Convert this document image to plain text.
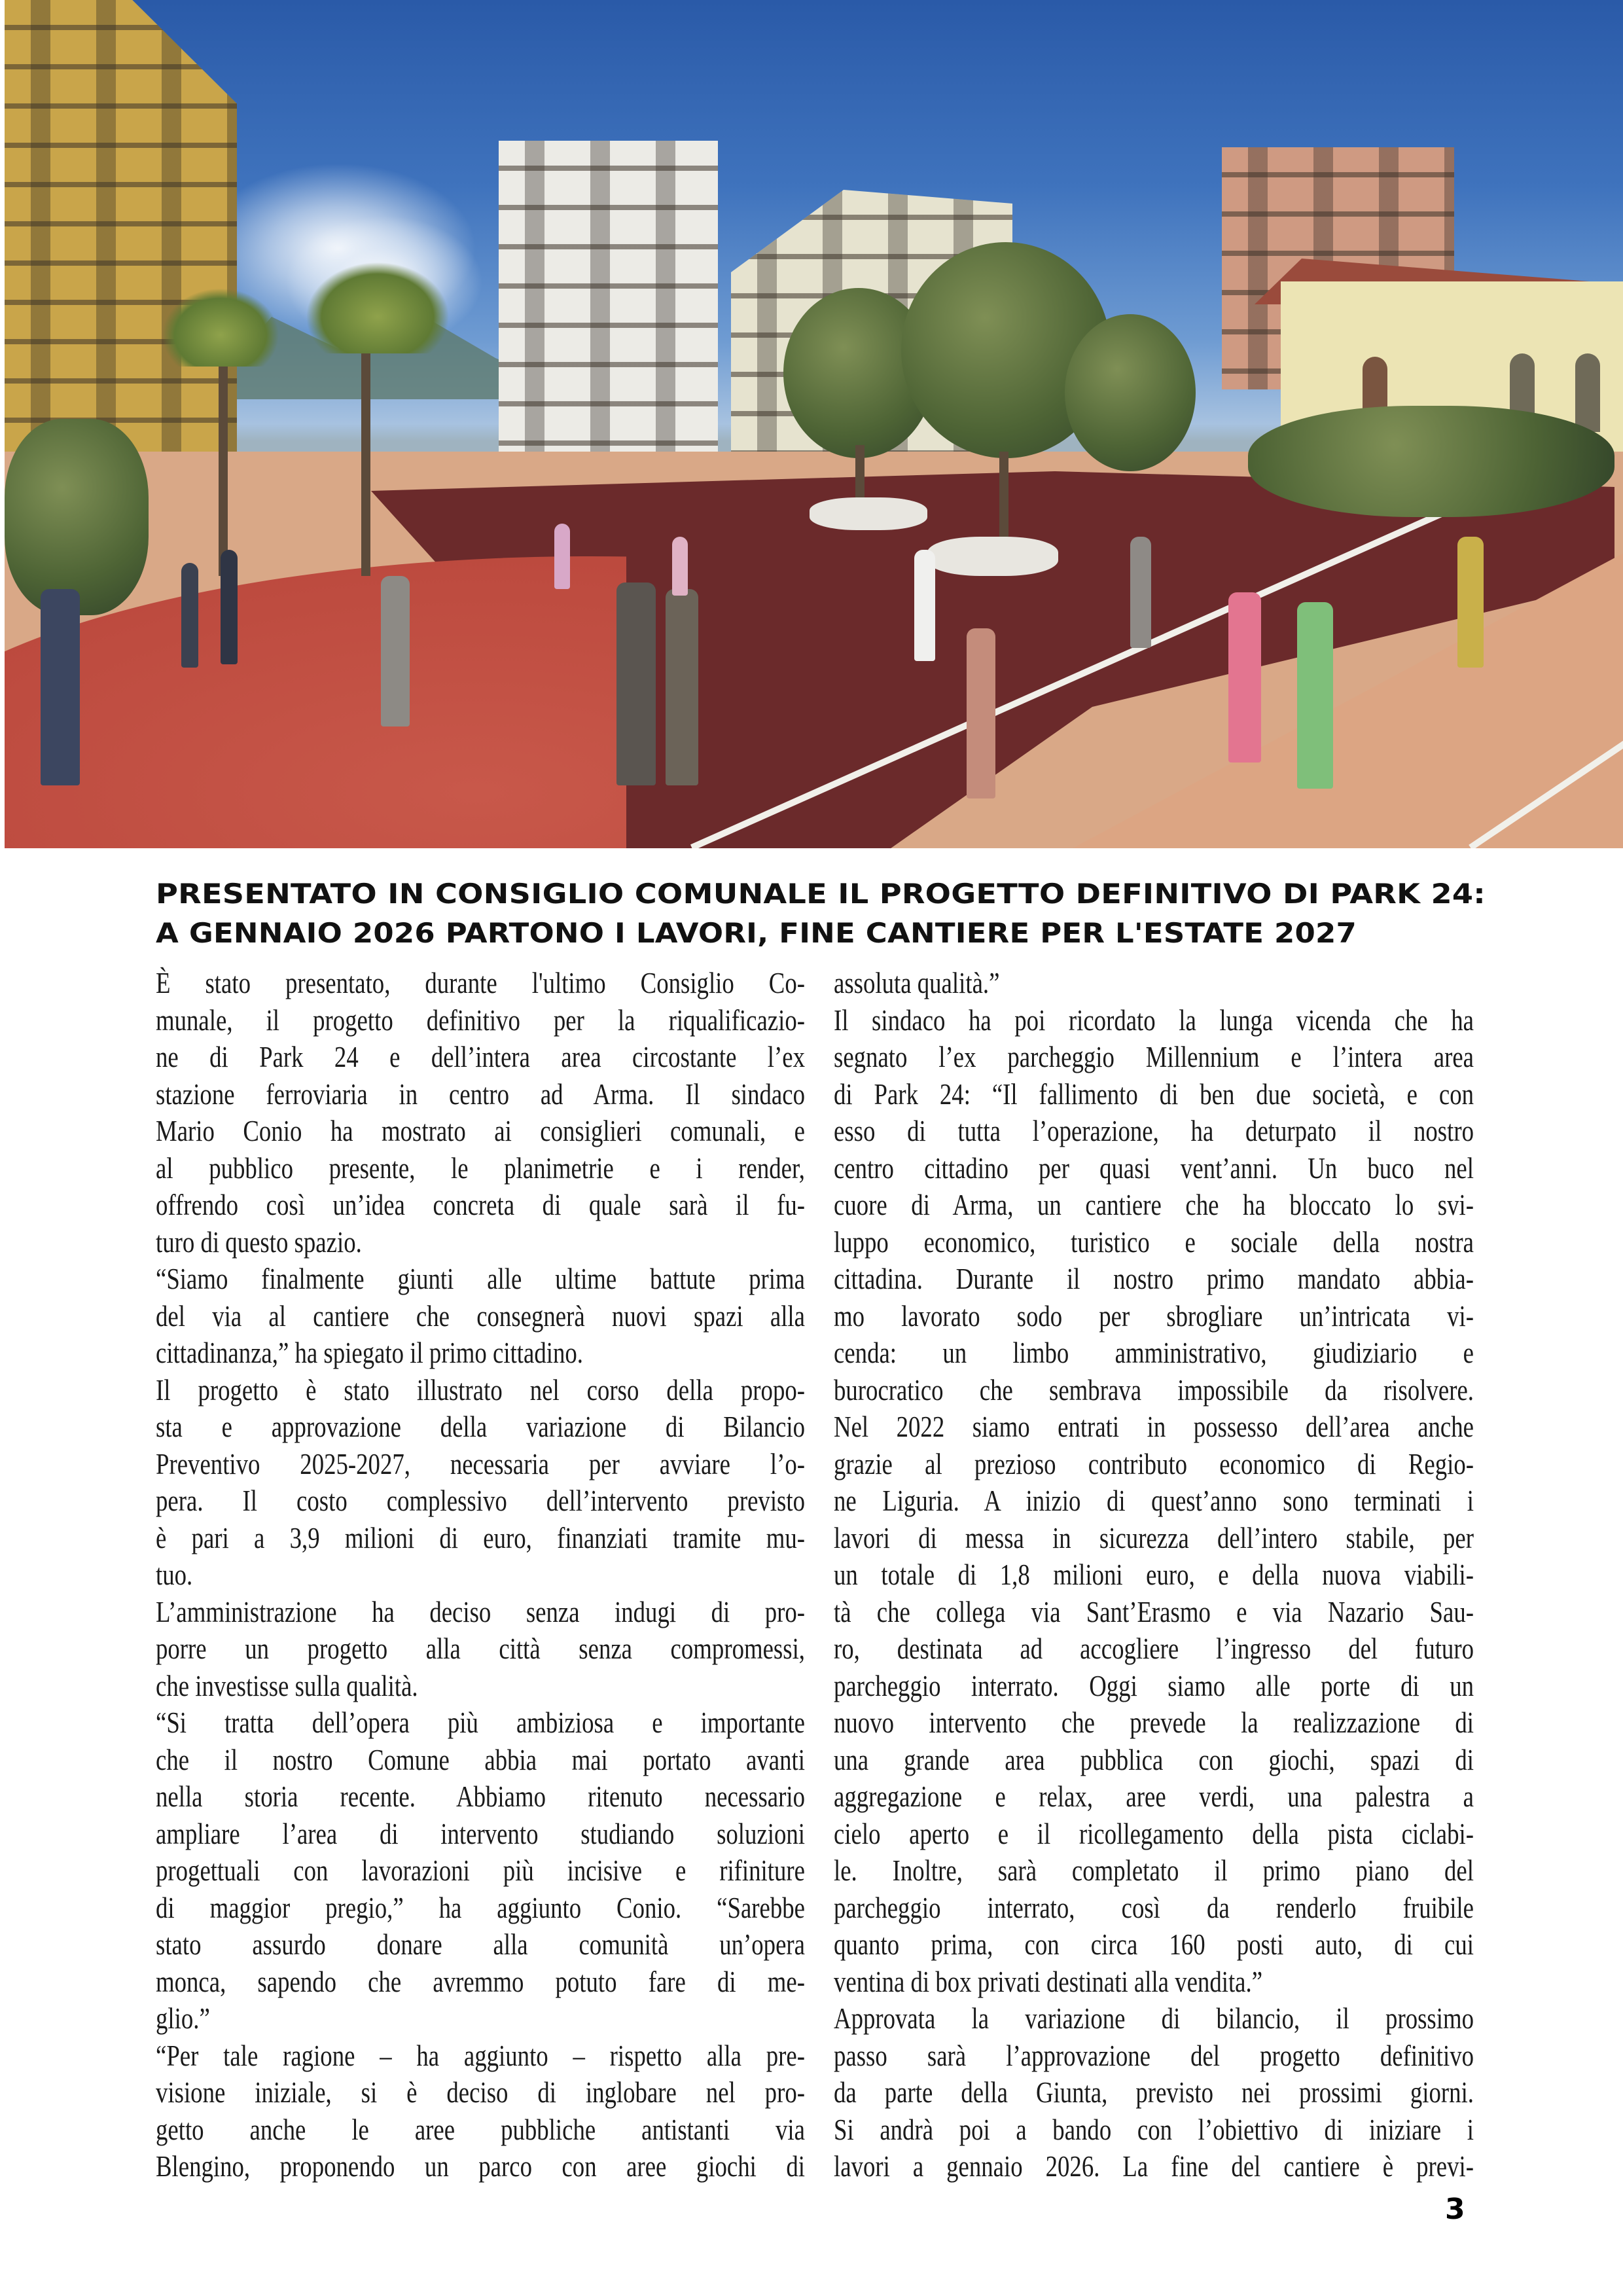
PRESENTATO IN CONSIGLIO COMUNALE IL PROGETTO DEFINITIVO DI PARK 24:
A GENNAIO 2026 PARTONO I LAVORI, FINE CANTIERE PER L'ESTATE 2027
È stato presentato, durante l'ultimo Consiglio Co-
munale, il progetto definitivo per la riqualificazio-
ne di Park 24 e dell’intera area circostante l’ex
stazione ferroviaria in centro ad Arma. Il sindaco
Mario Conio ha mostrato ai consiglieri comunali, e
al pubblico presente, le planimetrie e i render,
offrendo così un’idea concreta di quale sarà il fu-
turo di questo spazio.
“Siamo finalmente giunti alle ultime battute prima
del via al cantiere che consegnerà nuovi spazi alla
cittadinanza,” ha spiegato il primo cittadino.
Il progetto è stato illustrato nel corso della propo-
sta e approvazione della variazione di Bilancio
Preventivo 2025-2027, necessaria per avviare l’o-
pera. Il costo complessivo dell’intervento previsto
è pari a 3,9 milioni di euro, finanziati tramite mu-
tuo.
L’amministrazione ha deciso senza indugi di pro-
porre un progetto alla città senza compromessi,
che investisse sulla qualità.
“Si tratta dell’opera più ambiziosa e importante
che il nostro Comune abbia mai portato avanti
nella storia recente. Abbiamo ritenuto necessario
ampliare l’area di intervento studiando soluzioni
progettuali con lavorazioni più incisive e rifiniture
di maggior pregio,” ha aggiunto Conio. “Sarebbe
stato assurdo donare alla comunità un’opera
monca, sapendo che avremmo potuto fare di me-
glio.”
“Per tale ragione – ha aggiunto – rispetto alla pre-
visione iniziale, si è deciso di inglobare nel pro-
getto anche le aree pubbliche antistanti via
Blengino, proponendo un parco con aree giochi di
assoluta qualità.”
Il sindaco ha poi ricordato la lunga vicenda che ha
segnato l’ex parcheggio Millennium e l’intera area
di Park 24: “Il fallimento di ben due società, e con
esso di tutta l’operazione, ha deturpato il nostro
centro cittadino per quasi vent’anni. Un buco nel
cuore di Arma, un cantiere che ha bloccato lo svi-
luppo economico, turistico e sociale della nostra
cittadina. Durante il nostro primo mandato abbia-
mo lavorato sodo per sbrogliare un’intricata vi-
cenda: un limbo amministrativo, giudiziario e
burocratico che sembrava impossibile da risolvere.
Nel 2022 siamo entrati in possesso dell’area anche
grazie al prezioso contributo economico di Regio-
ne Liguria. A inizio di quest’anno sono terminati i
lavori di messa in sicurezza dell’intero stabile, per
un totale di 1,8 milioni euro, e della nuova viabili-
tà che collega via Sant’Erasmo e via Nazario Sau-
ro, destinata ad accogliere l’ingresso del futuro
parcheggio interrato. Oggi siamo alle porte di un
nuovo intervento che prevede la realizzazione di
una grande area pubblica con giochi, spazi di
aggregazione e relax, aree verdi, una palestra a
cielo aperto e il ricollegamento della pista ciclabi-
le. Inoltre, sarà completato il primo piano del
parcheggio interrato, così da renderlo fruibile
quanto prima, con circa 160 posti auto, di cui
ventina di box privati destinati alla vendita.”
Approvata la variazione di bilancio, il prossimo
passo sarà l’approvazione del progetto definitivo
da parte della Giunta, previsto nei prossimi giorni.
Si andrà poi a bando con l’obiettivo di iniziare i
lavori a gennaio 2026. La fine del cantiere è previ-
3
